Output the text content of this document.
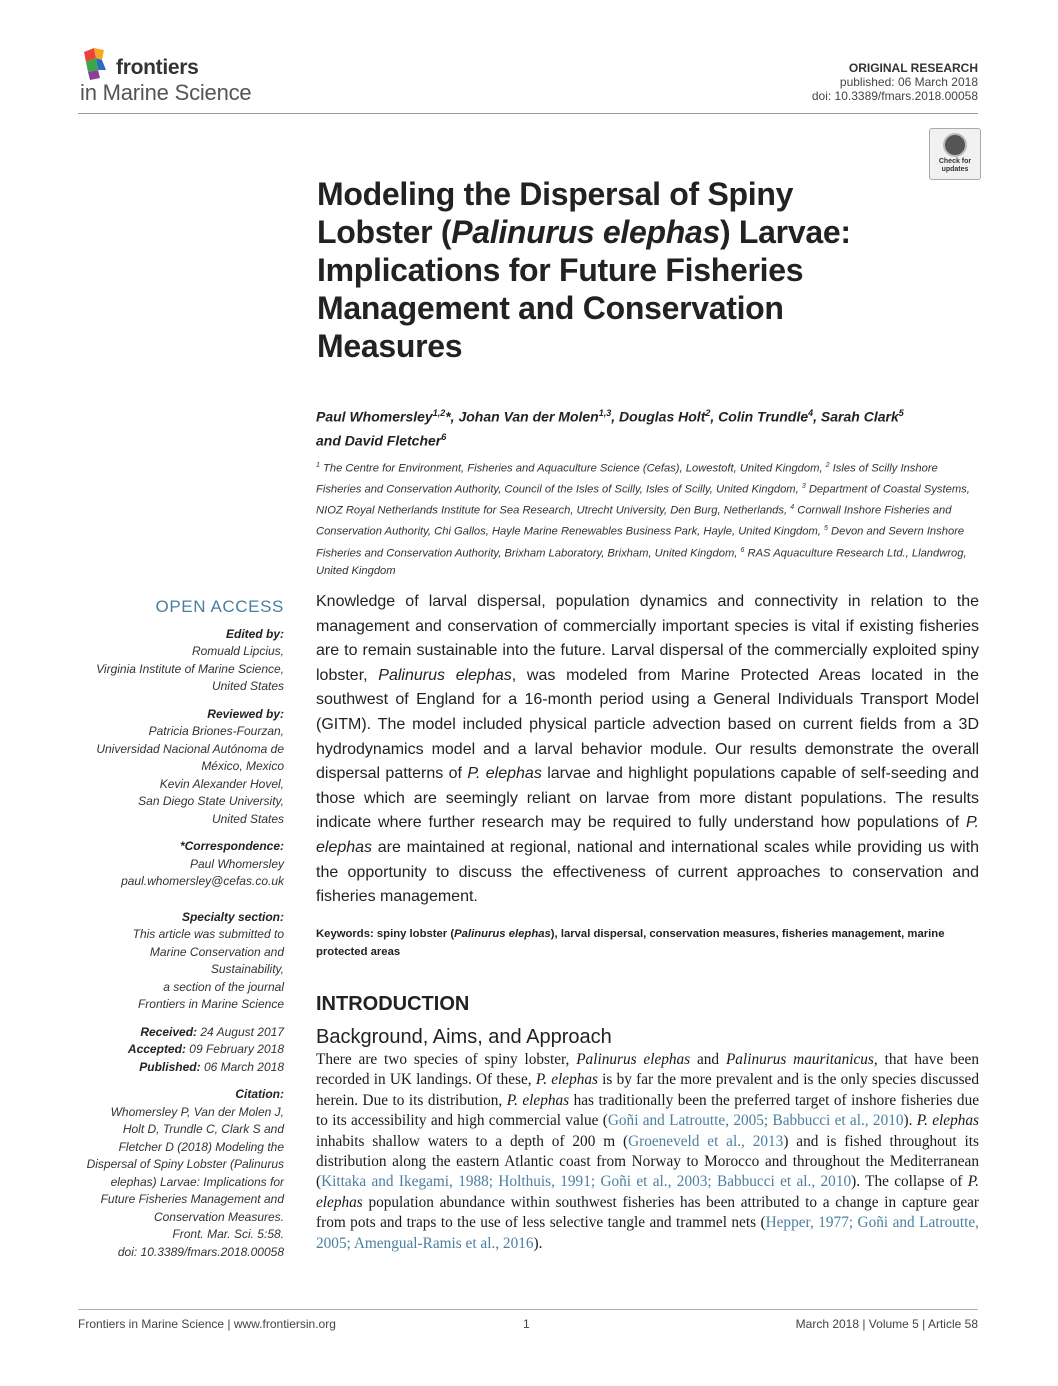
frontiers
in Marine Science
ORIGINAL RESEARCH
published: 06 March 2018
doi: 10.3389/fmars.2018.00058
Check for
updates
Modeling the Dispersal of Spiny
Lobster (Palinurus elephas) Larvae:
Implications for Future Fisheries
Management and Conservation
Measures
Paul Whomersley$^{1,2}$*, Johan Van der Molen$^{1,3}$, Douglas Holt$^2$, Colin Trundle$^4$, Sarah Clark$^5$
and David Fletcher$^6$
$^1$ The Centre for Environment, Fisheries and Aquaculture Science (Cefas), Lowestoft, United Kingdom, $^2$ Isles of Scilly Inshore Fisheries and Conservation Authority, Council of the Isles of Scilly, Isles of Scilly, United Kingdom, $^3$ Department of Coastal Systems, NIOZ Royal Netherlands Institute for Sea Research, Utrecht University, Den Burg, Netherlands, $^4$ Cornwall Inshore Fisheries and Conservation Authority, Chi Gallos, Hayle Marine Renewables Business Park, Hayle, United Kingdom, $^5$ Devon and Severn Inshore Fisheries and Conservation Authority, Brixham Laboratory, Brixham, United Kingdom, $^6$ RAS Aquaculture Research Ltd., Llandwrog, United Kingdom
OPEN ACCESS
Edited by:
Romuald Lipcius,
Virginia Institute of Marine Science,
United States
Reviewed by:
Patricia Briones-Fourzan,
Universidad Nacional Autónoma de
México, Mexico
Kevin Alexander Hovel,
San Diego State University,
United States
*Correspondence:
Paul Whomersley
paul.whomersley@cefas.co.uk
Specialty section:
This article was submitted to
Marine Conservation and
Sustainability,
a section of the journal
Frontiers in Marine Science
Received: 24 August 2017
Accepted: 09 February 2018
Published: 06 March 2018
Citation:
Whomersley P, Van der Molen J,
Holt D, Trundle C, Clark S and
Fletcher D (2018) Modeling the
Dispersal of Spiny Lobster (Palinurus
elephas) Larvae: Implications for
Future Fisheries Management and
Conservation Measures.
Front. Mar. Sci. 5:58.
doi: 10.3389/fmars.2018.00058
Knowledge of larval dispersal, population dynamics and connectivity in relation to the management and conservation of commercially important species is vital if existing fisheries are to remain sustainable into the future. Larval dispersal of the commercially exploited spiny lobster, Palinurus elephas, was modeled from Marine Protected Areas located in the southwest of England for a 16-month period using a General Individuals Transport Model (GITM). The model included physical particle advection based on current fields from a 3D hydrodynamics model and a larval behavior module. Our results demonstrate the overall dispersal patterns of P. elephas larvae and highlight populations capable of self-seeding and those which are seemingly reliant on larvae from more distant populations. The results indicate where further research may be required to fully understand how populations of P. elephas are maintained at regional, national and international scales while providing us with the opportunity to discuss the effectiveness of current approaches to conservation and fisheries management.
Keywords: spiny lobster (Palinurus elephas), larval dispersal, conservation measures, fisheries management, marine protected areas
INTRODUCTION
Background, Aims, and Approach
There are two species of spiny lobster, Palinurus elephas and Palinurus mauritanicus, that have been recorded in UK landings. Of these, P. elephas is by far the more prevalent and is the only species discussed herein. Due to its distribution, P. elephas has traditionally been the preferred target of inshore fisheries due to its accessibility and high commercial value (Goñi and Latroutte, 2005; Babbucci et al., 2010). P. elephas inhabits shallow waters to a depth of 200 m (Groeneveld et al., 2013) and is fished throughout its distribution along the eastern Atlantic coast from Norway to Morocco and throughout the Mediterranean (Kittaka and Ikegami, 1988; Holthuis, 1991; Goñi et al., 2003; Babbucci et al., 2010). The collapse of P. elephas population abundance within southwest fisheries has been attributed to a change in capture gear from pots and traps to the use of less selective tangle and trammel nets (Hepper, 1977; Goñi and Latroutte, 2005; Amengual-Ramis et al., 2016).
Frontiers in Marine Science | www.frontiersin.org	1	March 2018 | Volume 5 | Article 58
